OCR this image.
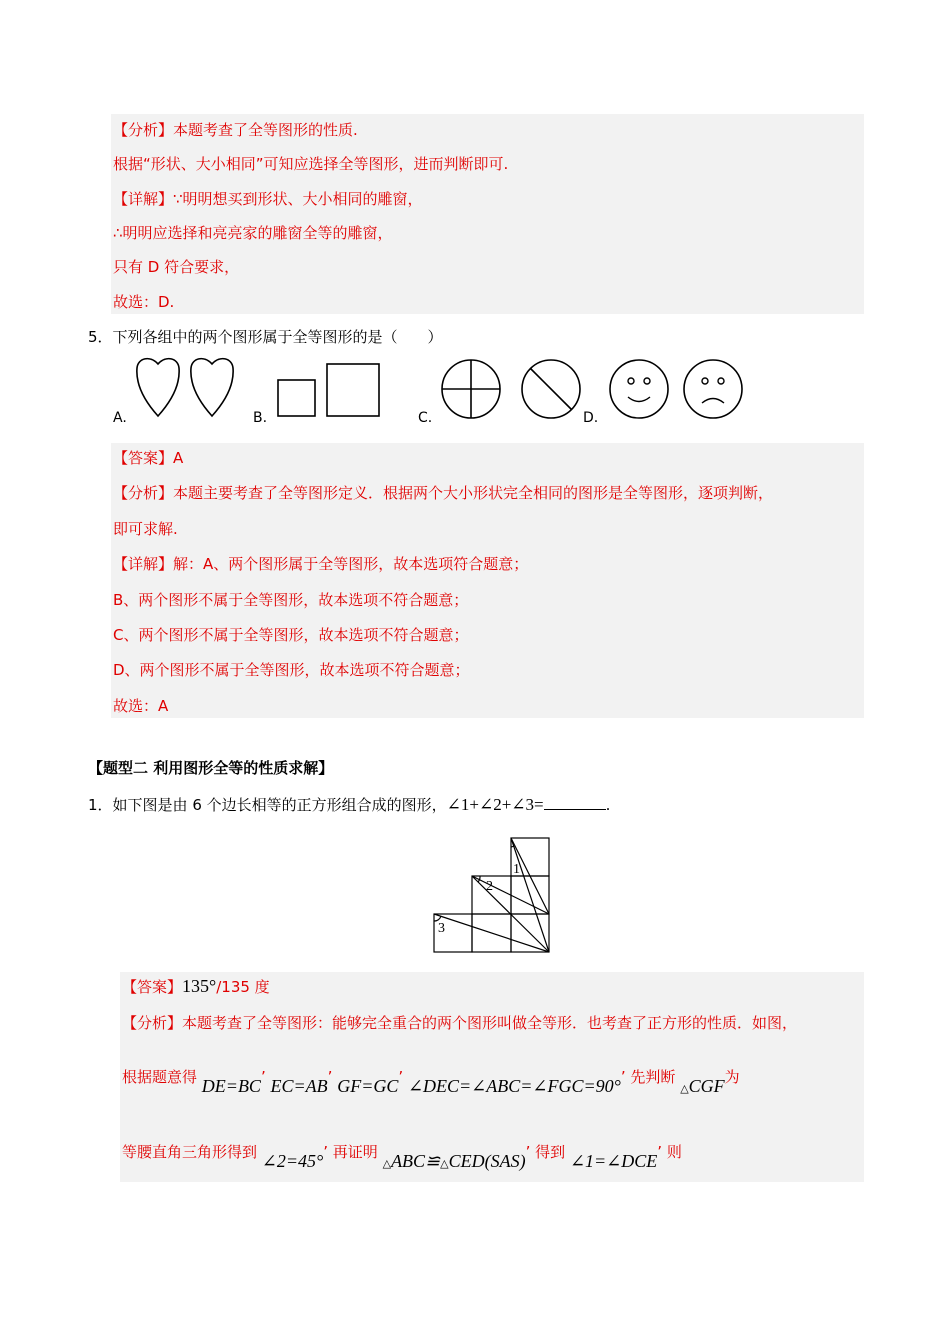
【分析】本题考查了全等图形的性质.
根据“形状、大小相同”可知应选择全等图形，进而判断即可.
【详解】∵明明想买到形状、大小相同的雕窗，
∴明明应选择和亮亮家的雕窗全等的雕窗，
只有 D 符合要求，
故选：D.
5．下列各组中的两个图形属于全等图形的是（　　）
A.	B.	C.	D.
【答案】A
【分析】本题主要考查了全等图形定义．根据两个大小形状完全相同的图形是全等图形，逐项判断，
即可求解.
【详解】解：A、两个图形属于全等图形，故本选项符合题意；
B、两个图形不属于全等图形，故本选项不符合题意；
C、两个图形不属于全等图形，故本选项不符合题意；
D、两个图形不属于全等图形，故本选项不符合题意；
故选：A
【题型二 利用图形全等的性质求解】
1．如下图是由 6 个边长相等的正方形组合成的图形，∠1+∠2+∠3=	.
1
2
3
【答案】135°/135 度
【分析】本题考查了全等图形：能够完全重合的两个图形叫做全等形．也考查了正方形的性质．如图，
根据题意得 DE=BC’ EC=AB’ GF=GC’ ∠DEC=∠ABC=∠FGC=90°’ 先判断 △CGF为
等腰直角三角形得到 ∠2=45°’ 再证明 △ABC≌△CED(SAS)’ 得到 ∠1=∠DCE’ 则
